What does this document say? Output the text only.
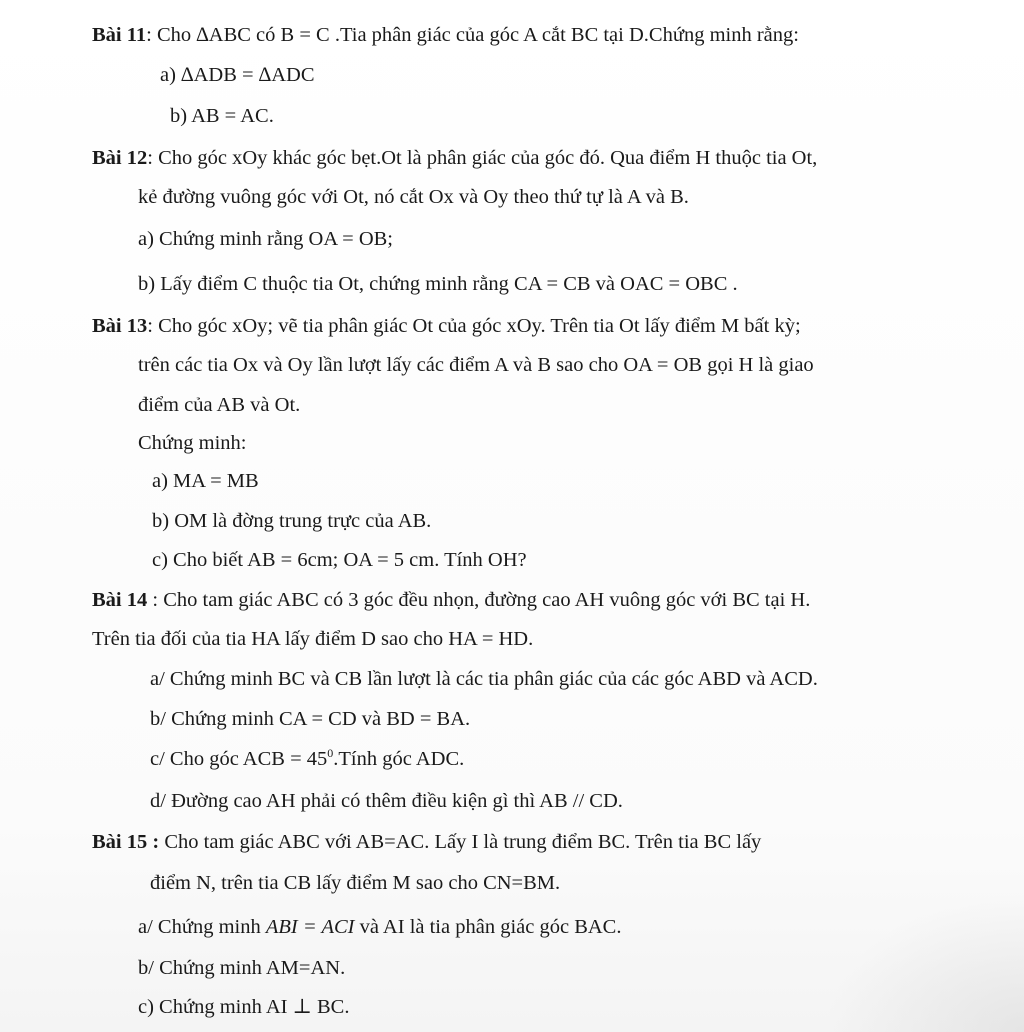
Bài 11: Cho ∆ABC có B = C .Tia phân giác của góc A cắt BC tại D.Chứng minh rằng:
a) ∆ADB = ∆ADC
b) AB = AC.
Bài 12: Cho góc xOy khác góc bẹt.Ot là phân giác của góc đó. Qua điểm H thuộc tia Ot,
kẻ đường vuông góc với Ot, nó cắt Ox và Oy theo thứ tự là A và B.
a) Chứng minh rằng OA = OB;
b) Lấy điểm C thuộc tia Ot, chứng minh rằng CA = CB và OAC = OBC .
Bài 13: Cho góc xOy; vẽ tia phân giác Ot của góc xOy. Trên tia Ot lấy điểm M bất kỳ;
trên các tia Ox và Oy lần lượt lấy các điểm A và B sao cho OA = OB gọi H là giao
điểm của AB và Ot.
Chứng minh:
a) MA = MB
b) OM là đờng trung trực của AB.
c) Cho biết AB = 6cm; OA = 5 cm. Tính OH?
Bài 14 : Cho tam giác ABC có 3 góc đều nhọn, đường cao AH vuông góc với BC tại H.
Trên tia đối của tia HA lấy điểm D sao cho HA = HD.
a/ Chứng minh BC và CB lần lượt là các tia phân giác của các góc ABD và ACD.
b/ Chứng minh CA = CD và BD = BA.
c/ Cho góc ACB = $45^0.Tính$ góc ADC.
d/ Đường cao AH phải có thêm điều kiện gì thì AB // CD.
Bài 15 : Cho tam giác ABC với AB=AC. Lấy I là trung điểm BC. Trên tia BC lấy
điểm N, trên tia CB lấy điểm M sao cho CN=BM.
a/ Chứng minh ABI = ACI và AI là tia phân giác góc BAC.
b/ Chứng minh AM=AN.
c) Chứng minh AI ⊥ BC.
